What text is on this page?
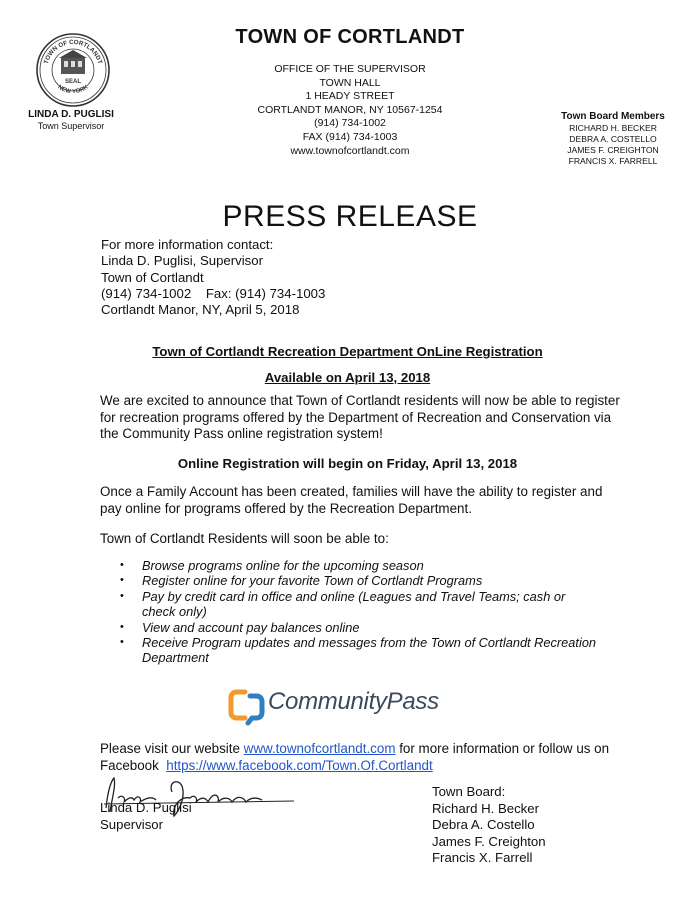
TOWN OF CORTLANDT
NEW YORK
SEAL
LINDA D. PUGLISI
Town Supervisor
TOWN OF CORTLANDT
OFFICE OF THE SUPERVISOR
TOWN HALL
1 HEADY STREET
CORTLANDT MANOR, NY 10567-1254
(914) 734-1002
FAX (914) 734-1003
www.townofcortlandt.com
Town Board Members
RICHARD H. BECKER
DEBRA A. COSTELLO
JAMES F. CREIGHTON
FRANCIS X. FARRELL
PRESS RELEASE
For more information contact:
Linda D. Puglisi, Supervisor
Town of Cortlandt
(914) 734-1002    Fax: (914) 734-1003
Cortlandt Manor, NY, April 5, 2018
Town of Cortlandt Recreation Department OnLine Registration
Available on April 13, 2018
We are excited to announce that Town of Cortlandt residents will now be able to register for recreation programs offered by the Department of Recreation and Conservation via the Community Pass online registration system!
Online Registration will begin on Friday, April 13, 2018
Once a Family Account has been created, families will have the ability to register and pay online for programs offered by the Recreation Department.
Town of Cortlandt Residents will soon be able to:
• Browse programs online for the upcoming season
• Register online for your favorite Town of Cortlandt Programs
• Pay by credit card in office and online (Leagues and Travel Teams; cash or check only)
• View and account pay balances online
• Receive Program updates and messages from the Town of Cortlandt Recreation Department
CommunityPass
Please visit our website www.townofcortlandt.com for more information or follow us on Facebook  https://www.facebook.com/Town.Of.Cortlandt
Linda D. Puglisi
Supervisor
Town Board:
Richard H. Becker
Debra A. Costello
James F. Creighton
Francis X. Farrell
